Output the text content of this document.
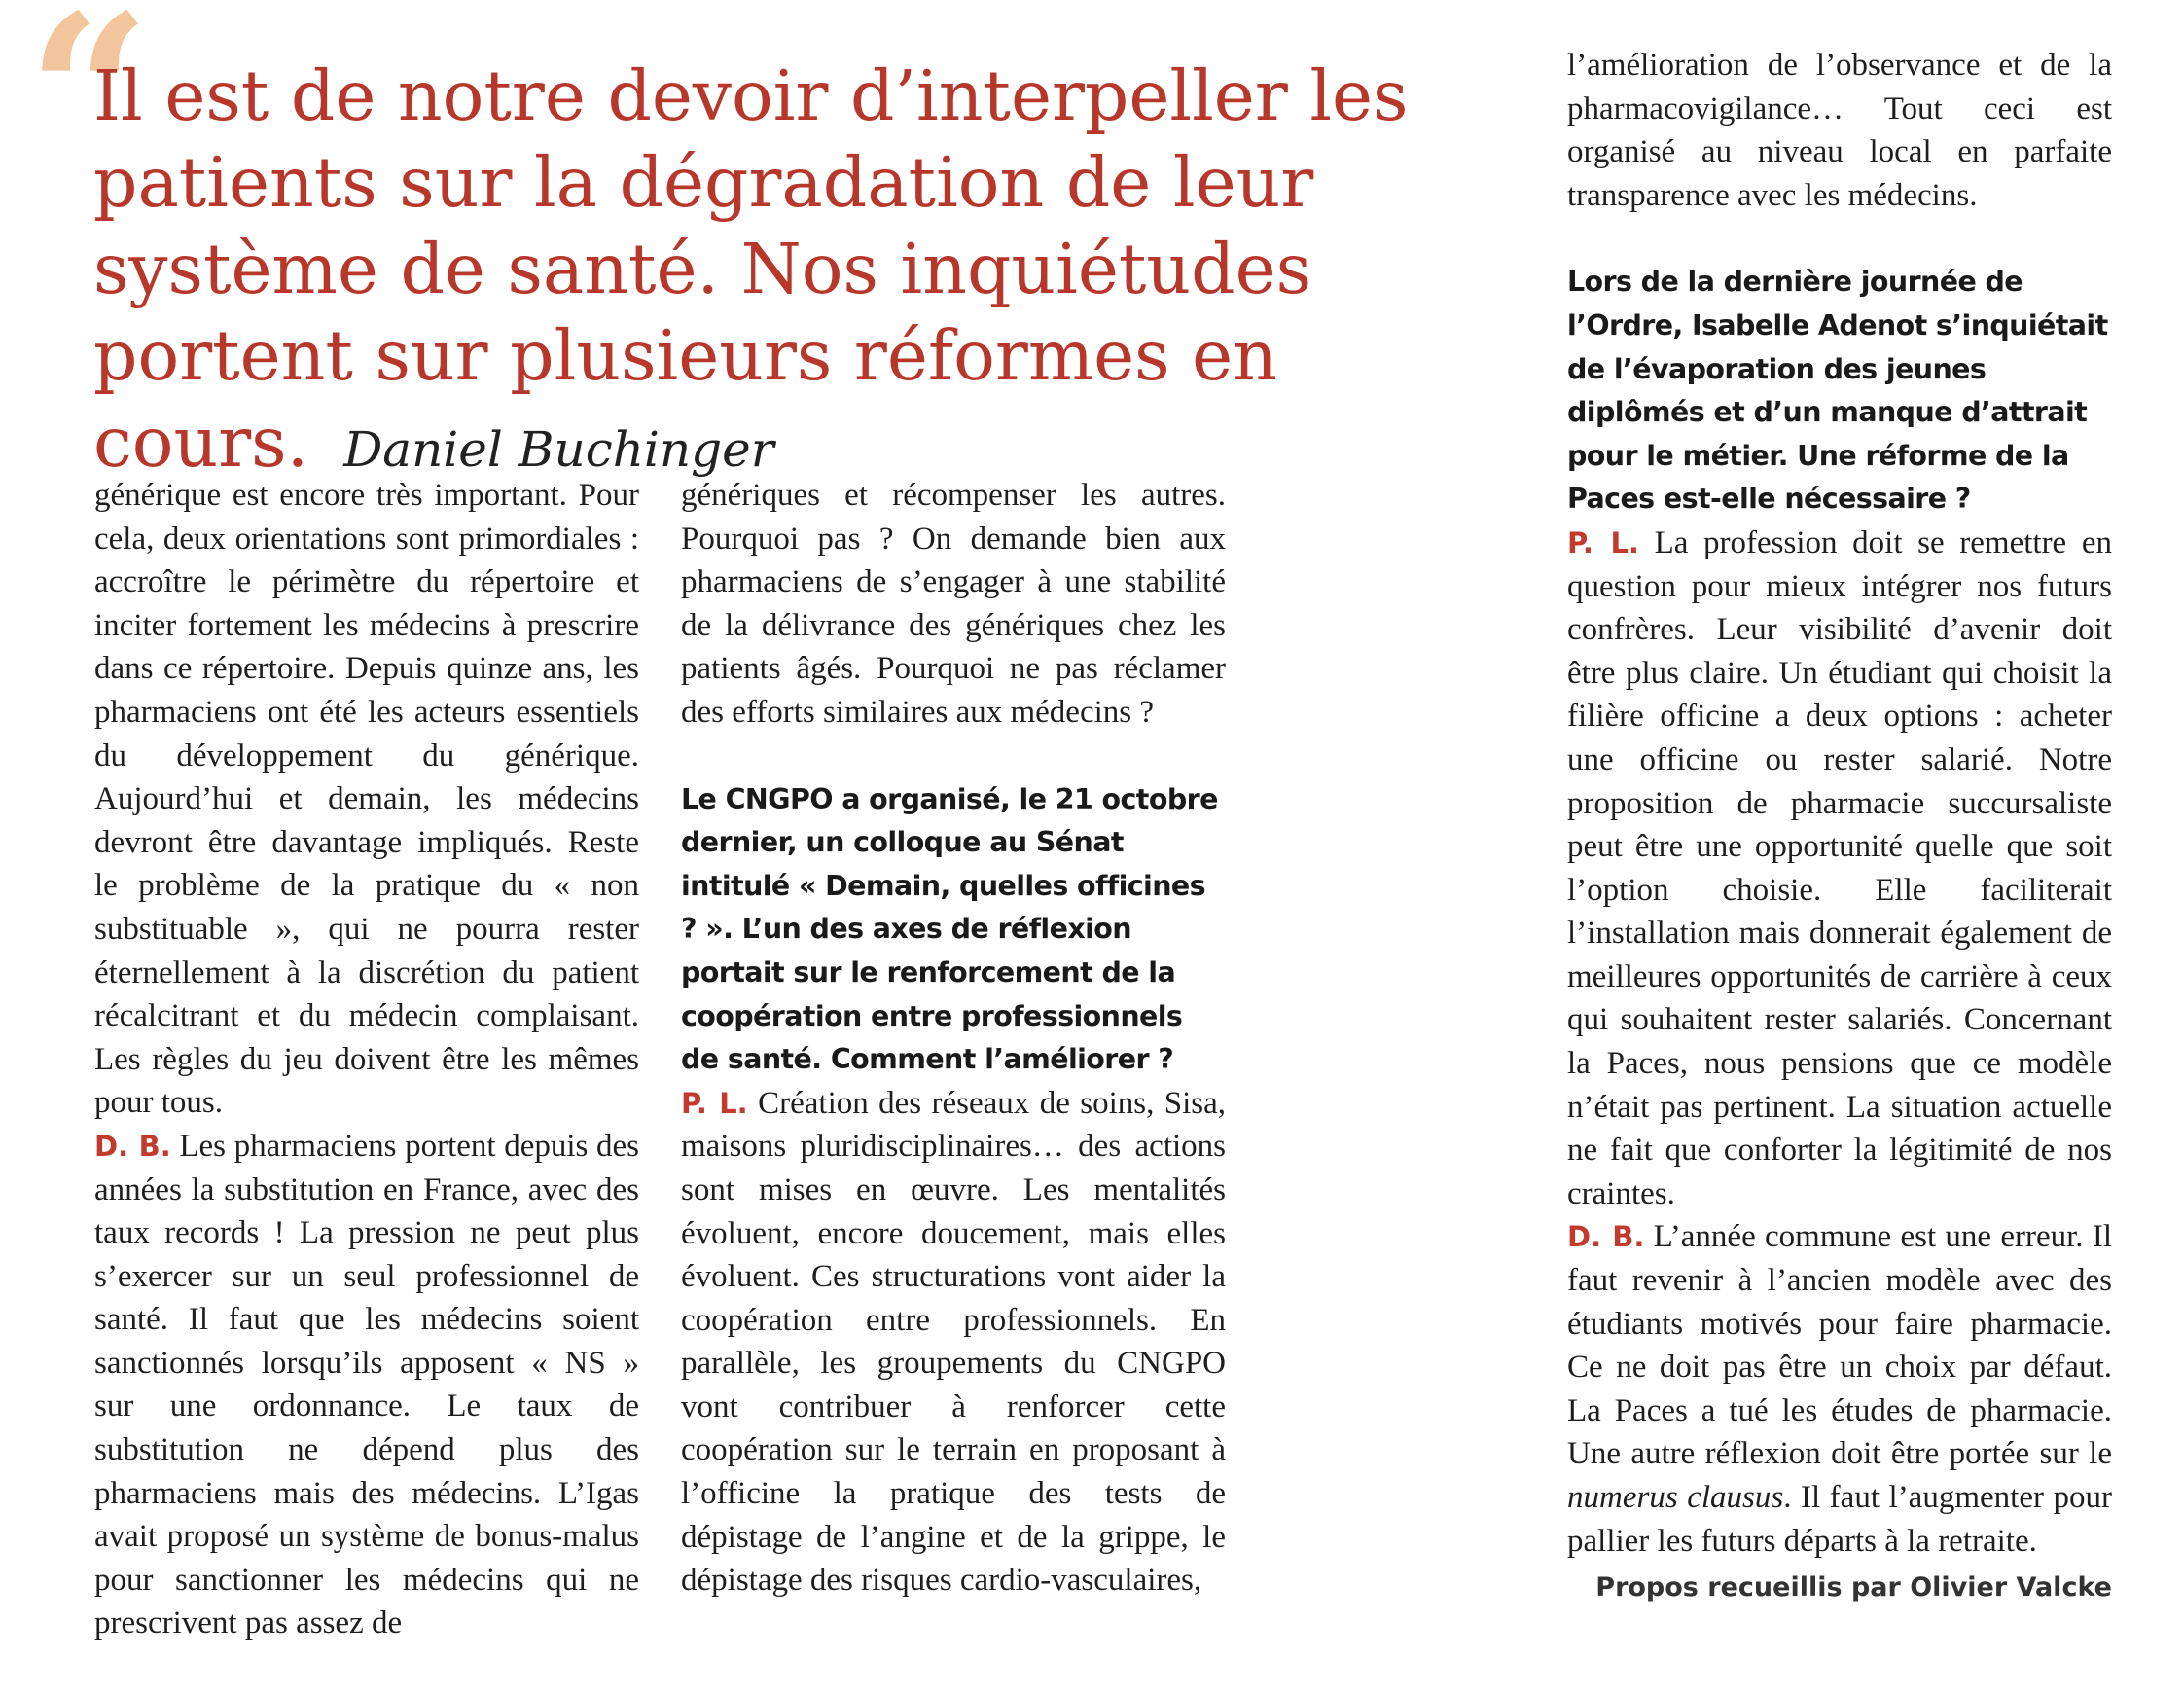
“

Il est de notre devoir d’interpeller les patients sur la dégradation de leur système de santé. Nos inquiétudes portent sur plusieurs réformes en cours. Daniel Buchinger

générique est encore très important. Pour cela, deux orientations sont primordiales : accroître le périmètre du répertoire et inciter fortement les médecins à prescrire dans ce répertoire. Depuis quinze ans, les pharmaciens ont été les acteurs essentiels du développement du générique. Aujourd’hui et demain, les médecins devront être davantage impliqués. Reste le problème de la pratique du « non substituable », qui ne pourra rester éternellement à la discrétion du patient récalcitrant et du médecin complaisant. Les règles du jeu doivent être les mêmes pour tous.

D. B. Les pharmaciens portent depuis des années la substitution en France, avec des taux records ! La pression ne peut plus s’exercer sur un seul professionnel de santé. Il faut que les médecins soient sanctionnés lorsqu’ils apposent « NS » sur une ordonnance. Le taux de substitution ne dépend plus des pharmaciens mais des médecins. L’Igas avait proposé un système de bonus-malus pour sanctionner les médecins qui ne prescrivent pas assez de

génériques et récompenser les autres. Pourquoi pas ? On demande bien aux pharmaciens de s’engager à une stabilité de la délivrance des génériques chez les patients âgés. Pourquoi ne pas réclamer des efforts similaires aux médecins ?

Le CNGPO a organisé, le 21 octobre dernier, un colloque au Sénat intitulé « Demain, quelles officines ? ». L’un des axes de réflexion portait sur le renforcement de la coopération entre professionnels de santé. Comment l’améliorer ?

P. L. Création des réseaux de soins, Sisa, maisons pluridisciplinaires… des actions sont mises en œuvre. Les mentalités évoluent, encore doucement, mais elles évoluent. Ces structurations vont aider la coopération entre professionnels. En parallèle, les groupements du CNGPO vont contribuer à renforcer cette coopération sur le terrain en proposant à l’officine la pratique des tests de dépistage de l’angine et de la grippe, le dépistage des risques cardio-vasculaires,

l’amélioration de l’observance et de la pharmacovigilance… Tout ceci est organisé au niveau local en parfaite transparence avec les médecins.

Lors de la dernière journée de l’Ordre, Isabelle Adenot s’inquiétait de l’évaporation des jeunes diplômés et d’un manque d’attrait pour le métier. Une réforme de la Paces est-elle nécessaire ?

P. L. La profession doit se remettre en question pour mieux intégrer nos futurs confrères. Leur visibilité d’avenir doit être plus claire. Un étudiant qui choisit la filière officine a deux options : acheter une officine ou rester salarié. Notre proposition de pharmacie succursaliste peut être une opportunité quelle que soit l’option choisie. Elle faciliterait l’installation mais donnerait également de meilleures opportunités de carrière à ceux qui souhaitent rester salariés. Concernant la Paces, nous pensions que ce modèle n’était pas pertinent. La situation actuelle ne fait que conforter la légitimité de nos craintes.

D. B. L’année commune est une erreur. Il faut revenir à l’ancien modèle avec des étudiants motivés pour faire pharmacie. Ce ne doit pas être un choix par défaut. La Paces a tué les études de pharmacie. Une autre réflexion doit être portée sur le numerus clausus. Il faut l’augmenter pour pallier les futurs départs à la retraite.

Propos recueillis par Olivier Valcke
